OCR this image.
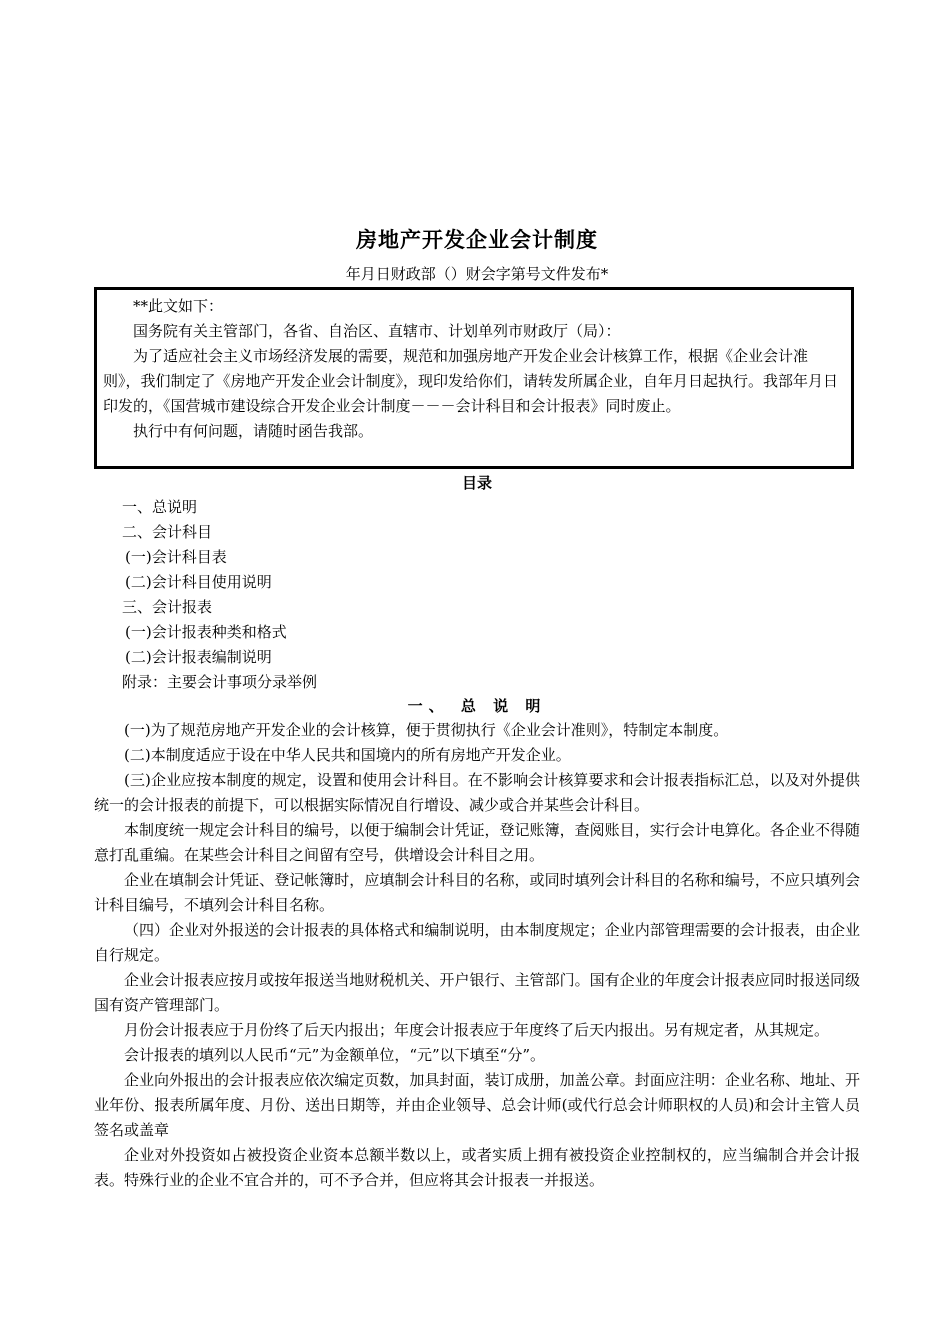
房地产开发企业会计制度
年月日财政部（）财会字第号文件发布*

**此文如下：

国务院有关主管部门，各省、自治区、直辖市、计划单列市财政厅（局）：

为了适应社会主义市场经济发展的需要，规范和加强房地产开发企业会计核算工作，根据《企业会计准则》，我们制定了《房地产开发企业会计制度》，现印发给你们，请转发所属企业，自年月日起执行。我部年月日印发的，《国营城市建设综合开发企业会计制度－－－会计科目和会计报表》同时废止。

执行中有何问题，请随时函告我部。

目录
一、总说明
二、会计科目
(一)会计科目表
(二)会计科目使用说明
三、会计报表
(一)会计报表种类和格式
(二)会计报表编制说明
附录：主要会计事项分录举例
一、 总 说 明

(一)为了规范房地产开发企业的会计核算，便于贯彻执行《企业会计准则》，特制定本制度。

(二)本制度适应于设在中华人民共和国境内的所有房地产开发企业。

(三)企业应按本制度的规定，设置和使用会计科目。在不影响会计核算要求和会计报表指标汇总，以及对外提供统一的会计报表的前提下，可以根据实际情况自行增设、减少或合并某些会计科目。

本制度统一规定会计科目的编号，以便于编制会计凭证，登记账簿，查阅账目，实行会计电算化。各企业不得随意打乱重编。在某些会计科目之间留有空号，供增设会计科目之用。

企业在填制会计凭证、登记帐簿时，应填制会计科目的名称，或同时填列会计科目的名称和编号，不应只填列会计科目编号，不填列会计科目名称。

（四）企业对外报送的会计报表的具体格式和编制说明，由本制度规定；企业内部管理需要的会计报表，由企业自行规定。

企业会计报表应按月或按年报送当地财税机关、开户银行、主管部门。国有企业的年度会计报表应同时报送同级国有资产管理部门。

月份会计报表应于月份终了后天内报出；年度会计报表应于年度终了后天内报出。另有规定者，从其规定。

会计报表的填列以人民币“元”为金额单位，“元”以下填至“分”。

企业向外报出的会计报表应依次编定页数，加具封面，装订成册，加盖公章。封面应注明：企业名称、地址、开业年份、报表所属年度、月份、送出日期等，并由企业领导、总会计师(或代行总会计师职权的人员)和会计主管人员签名或盖章

企业对外投资如占被投资企业资本总额半数以上，或者实质上拥有被投资企业控制权的，应当编制合并会计报表。特殊行业的企业不宜合并的，可不予合并，但应将其会计报表一并报送。
